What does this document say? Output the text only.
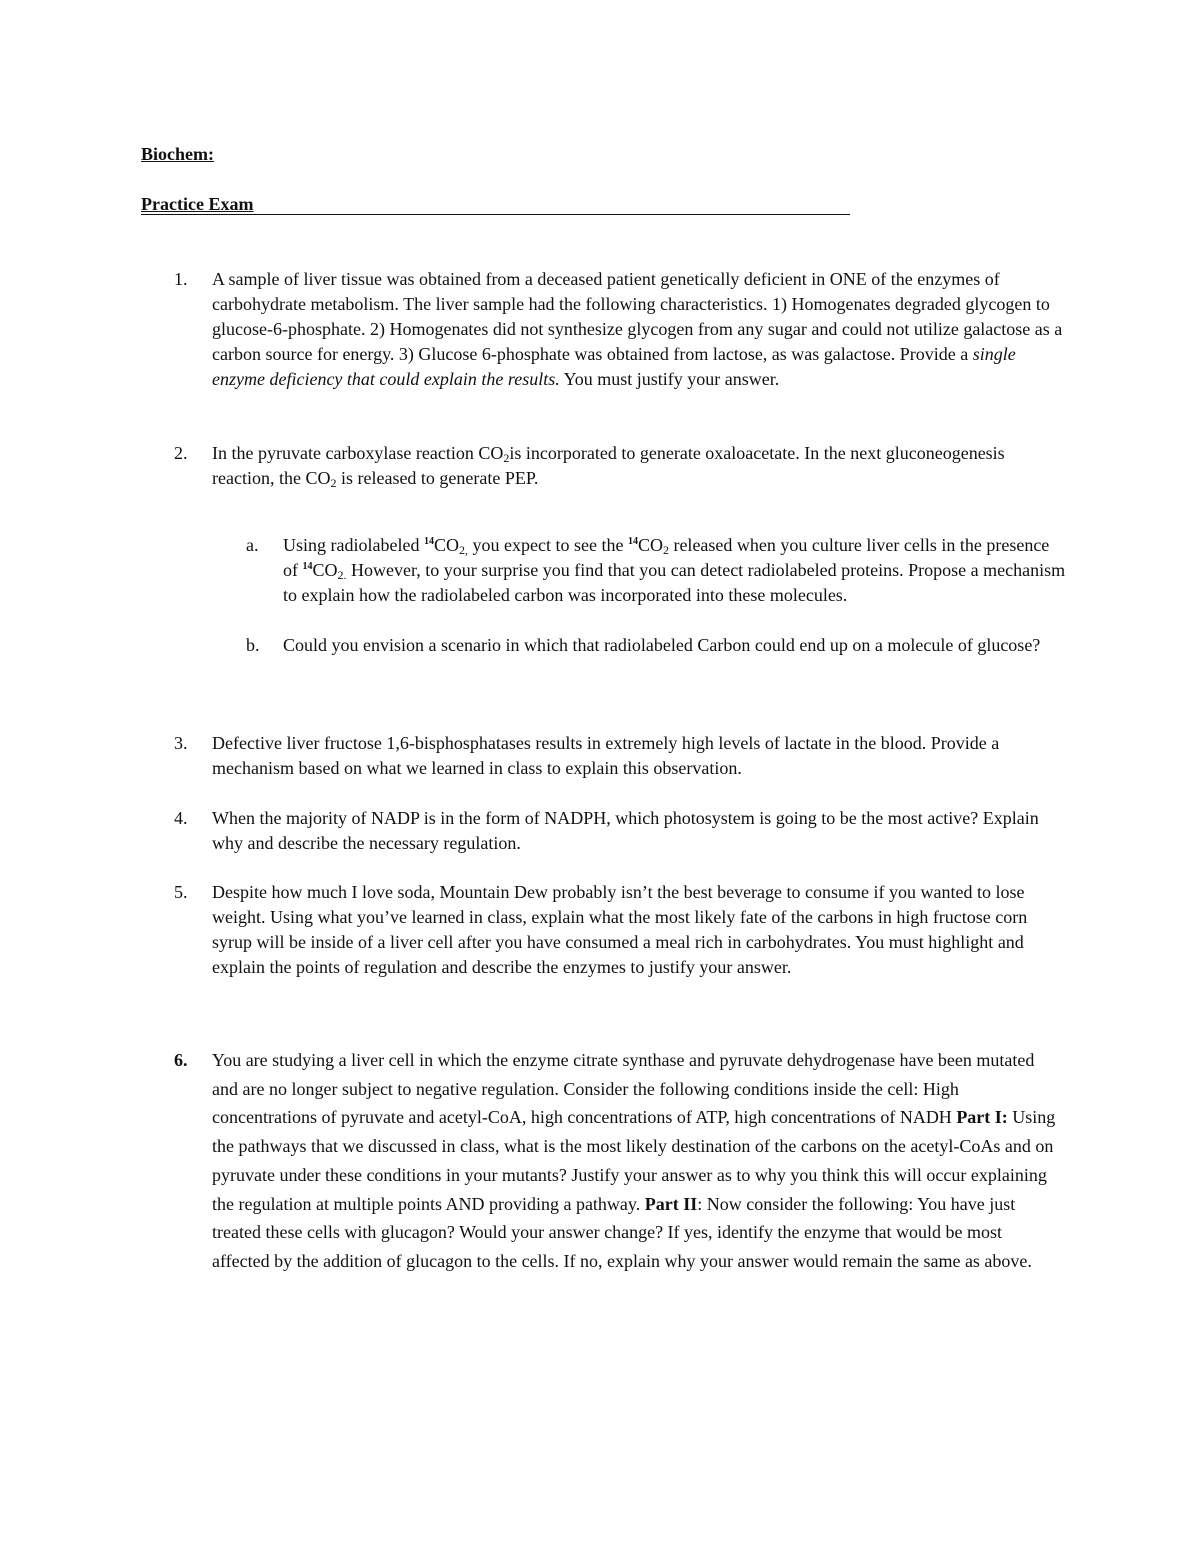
Biochem:
Practice Exam
1. A sample of liver tissue was obtained from a deceased patient genetically deficient in ONE of the enzymes of carbohydrate metabolism. The liver sample had the following characteristics. 1) Homogenates degraded glycogen to glucose-6-phosphate. 2) Homogenates did not synthesize glycogen from any sugar and could not utilize galactose as a carbon source for energy. 3) Glucose 6-phosphate was obtained from lactose, as was galactose. Provide a single enzyme deficiency that could explain the results. You must justify your answer.
2. In the pyruvate carboxylase reaction $CO_2is$ incorporated to generate oxaloacetate. In the next gluconeogenesis reaction, the $CO_2$ is released to generate PEP.
a. Using radiolabeled $^{14}CO_{2,}$ you expect to see the $^{14}CO_2$ released when you culture liver cells in the presence of $^{14}CO_{2.}$ However, to your surprise you find that you can detect radiolabeled proteins. Propose a mechanism to explain how the radiolabeled carbon was incorporated into these molecules.
b. Could you envision a scenario in which that radiolabeled Carbon could end up on a molecule of glucose?
3. Defective liver fructose 1,6-bisphosphatases results in extremely high levels of lactate in the blood. Provide a mechanism based on what we learned in class to explain this observation.
4. When the majority of NADP is in the form of NADPH, which photosystem is going to be the most active? Explain why and describe the necessary regulation.
5. Despite how much I love soda, Mountain Dew probably isn’t the best beverage to consume if you wanted to lose weight. Using what you’ve learned in class, explain what the most likely fate of the carbons in high fructose corn syrup will be inside of a liver cell after you have consumed a meal rich in carbohydrates. You must highlight and explain the points of regulation and describe the enzymes to justify your answer.
6. You are studying a liver cell in which the enzyme citrate synthase and pyruvate dehydrogenase have been mutated and are no longer subject to negative regulation. Consider the following conditions inside the cell: High concentrations of pyruvate and acetyl-CoA, high concentrations of ATP, high concentrations of NADH Part I: Using the pathways that we discussed in class, what is the most likely destination of the carbons on the acetyl-CoAs and on pyruvate under these conditions in your mutants? Justify your answer as to why you think this will occur explaining the regulation at multiple points AND providing a pathway. Part II: Now consider the following: You have just treated these cells with glucagon? Would your answer change? If yes, identify the enzyme that would be most affected by the addition of glucagon to the cells. If no, explain why your answer would remain the same as above.
